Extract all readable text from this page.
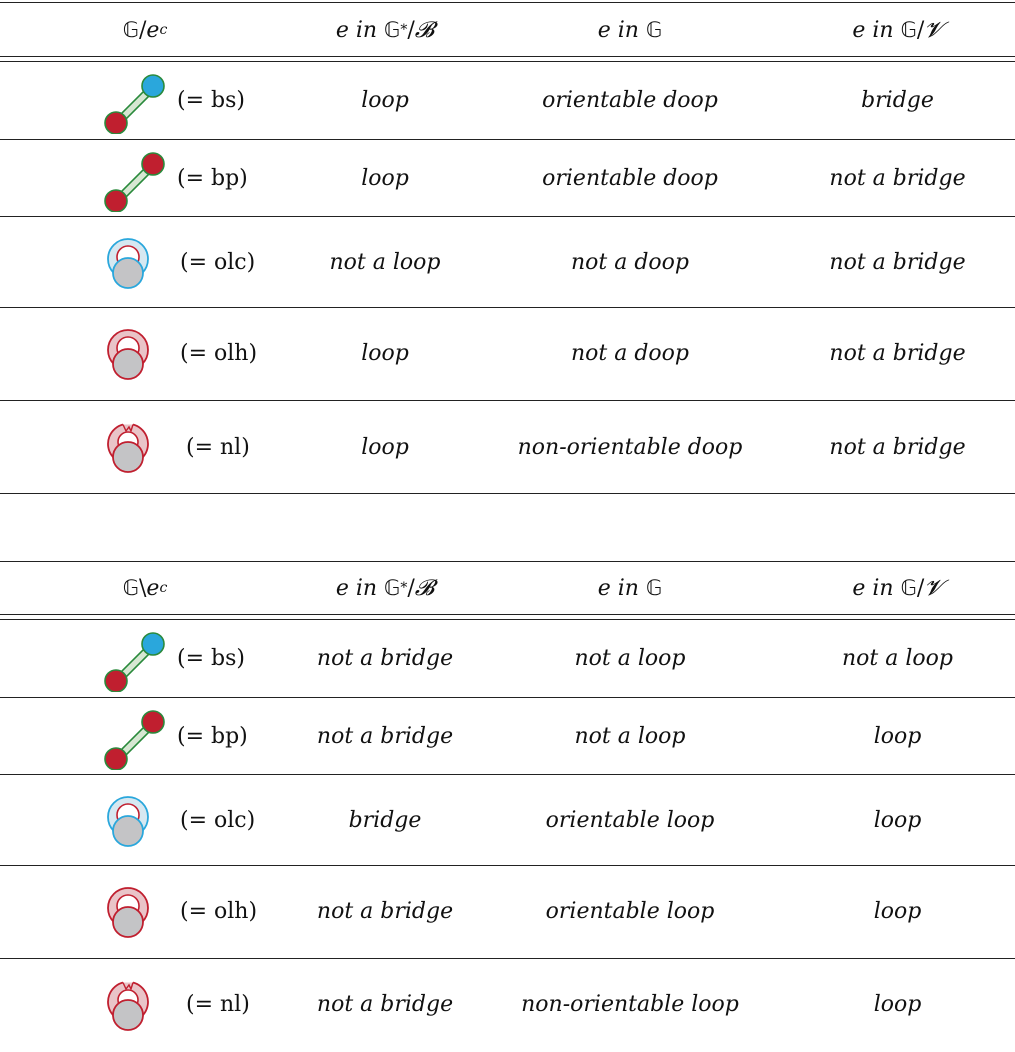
𝔾 / e c	e in 𝔾 * / 𝓑	e in 𝔾	e in 𝔾 / 𝓥
(= bs)	loop	orientable doop	bridge
(= bp)	loop	orientable doop	not a bridge
(= olc)	not a loop	not a doop	not a bridge
(= olh)	loop	not a doop	not a bridge
(= nl)	loop	non-orientable doop	not a bridge
𝔾 \ e c	e in 𝔾 * / 𝓑	e in 𝔾	e in 𝔾 / 𝓥
(= bs)	not a bridge	not a loop	not a loop
(= bp)	not a bridge	not a loop	loop
(= olc)	bridge	orientable loop	loop
(= olh)	not a bridge	orientable loop	loop
(= nl)	not a bridge	non-orientable loop	loop
